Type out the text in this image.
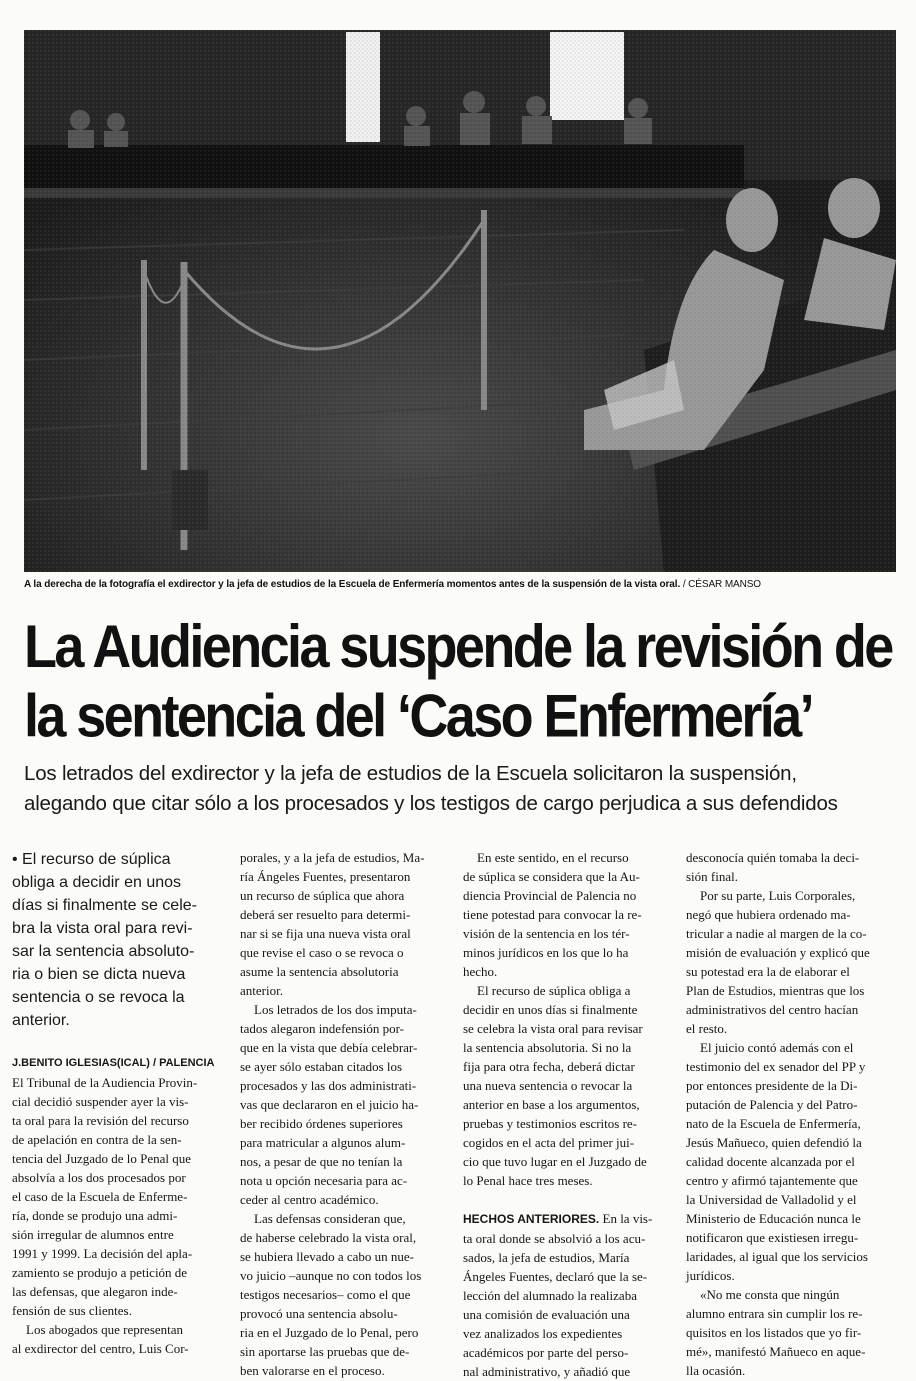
A la derecha de la fotografía el exdirector y la jefa de estudios de la Escuela de Enfermería momentos antes de la suspensión de la vista oral. / CÉSAR MANSO
La Audiencia suspende la revisión de
la sentencia del ‘Caso Enfermería’
Los letrados del exdirector y la jefa de estudios de la Escuela solicitaron la suspensión,
alegando que citar sólo a los procesados y los testigos de cargo perjudica a sus defendidos

• El recurso de súplica
obliga a decidir en unos
días si finalmente se cele-
bra la vista oral para revi-
sar la sentencia absoluto-
ria o bien se dicta nueva
sentencia o se revoca la
anterior.

J.BENITO IGLESIAS(ICAL) / PALENCIA

El Tribunal de la Audiencia Provin-
cial decidió suspender ayer la vis-
ta oral para la revisión del recurso
de apelación en contra de la sen-
tencia del Juzgado de lo Penal que
absolvía a los dos procesados por
el caso de la Escuela de Enferme-
ría, donde se produjo una admi-
sión irregular de alumnos entre
1991 y 1999. La decisión del apla-
zamiento se produjo a petición de
las defensas, que alegaron inde-
fensión de sus clientes.

Los abogados que representan
al exdirector del centro, Luis Cor-

porales, y a la jefa de estudios, Ma-
ría Ángeles Fuentes, presentaron
un recurso de súplica que ahora
deberá ser resuelto para determi-
nar si se fija una nueva vista oral
que revise el caso o se revoca o
asume la sentencia absolutoria
anterior.

Los letrados de los dos imputa-
tados alegaron indefensión por-
que en la vista que debía celebrar-
se ayer sólo estaban citados los
procesados y las dos administrati-
vas que declararon en el juicio ha-
ber recibido órdenes superiores
para matricular a algunos alum-
nos, a pesar de que no tenían la
nota u opción necesaria para ac-
ceder al centro académico.

Las defensas consideran que,
de haberse celebrado la vista oral,
se hubiera llevado a cabo un nue-
vo juicio –aunque no con todos los
testigos necesarios– como el que
provocó una sentencia absolu-
ria en el Juzgado de lo Penal, pero
sin aportarse las pruebas que de-
ben valorarse en el proceso.

En este sentido, en el recurso
de súplica se considera que la Au-
diencia Provincial de Palencia no
tiene potestad para convocar la re-
visión de la sentencia en los tér-
minos jurídicos en los que lo ha
hecho.

El recurso de súplica obliga a
decidir en unos días si finalmente
se celebra la vista oral para revisar
la sentencia absolutoria. Si no la
fija para otra fecha, deberá dictar
una nueva sentencia o revocar la
anterior en base a los argumentos,
pruebas y testimonios escritos re-
cogidos en el acta del primer jui-
cio que tuvo lugar en el Juzgado de
lo Penal hace tres meses.

HECHOS ANTERIORES. En la vis-
ta oral donde se absolvió a los acu-
sados, la jefa de estudios, María
Ángeles Fuentes, declaró que la se-
lección del alumnado la realizaba
una comisión de evaluación una
vez analizados los expedientes
académicos por parte del perso-
nal administrativo, y añadió que

desconocía quién tomaba la deci-
sión final.

Por su parte, Luis Corporales,
negó que hubiera ordenado ma-
tricular a nadie al margen de la co-
misión de evaluación y explicó que
su potestad era la de elaborar el
Plan de Estudios, mientras que los
administrativos del centro hacían
el resto.

El juicio contó además con el
testimonio del ex senador del PP y
por entonces presidente de la Di-
putación de Palencia y del Patro-
nato de la Escuela de Enfermería,
Jesús Mañueco, quien defendió la
calidad docente alcanzada por el
centro y afirmó tajantemente que
la Universidad de Valladolid y el
Ministerio de Educación nunca le
notificaron que existiesen irregu-
laridades, al igual que los servicios
jurídicos.

«No me consta que ningún
alumno entrara sin cumplir los re-
quisitos en los listados que yo fir-
mé», manifestó Mañueco en aque-
lla ocasión.
